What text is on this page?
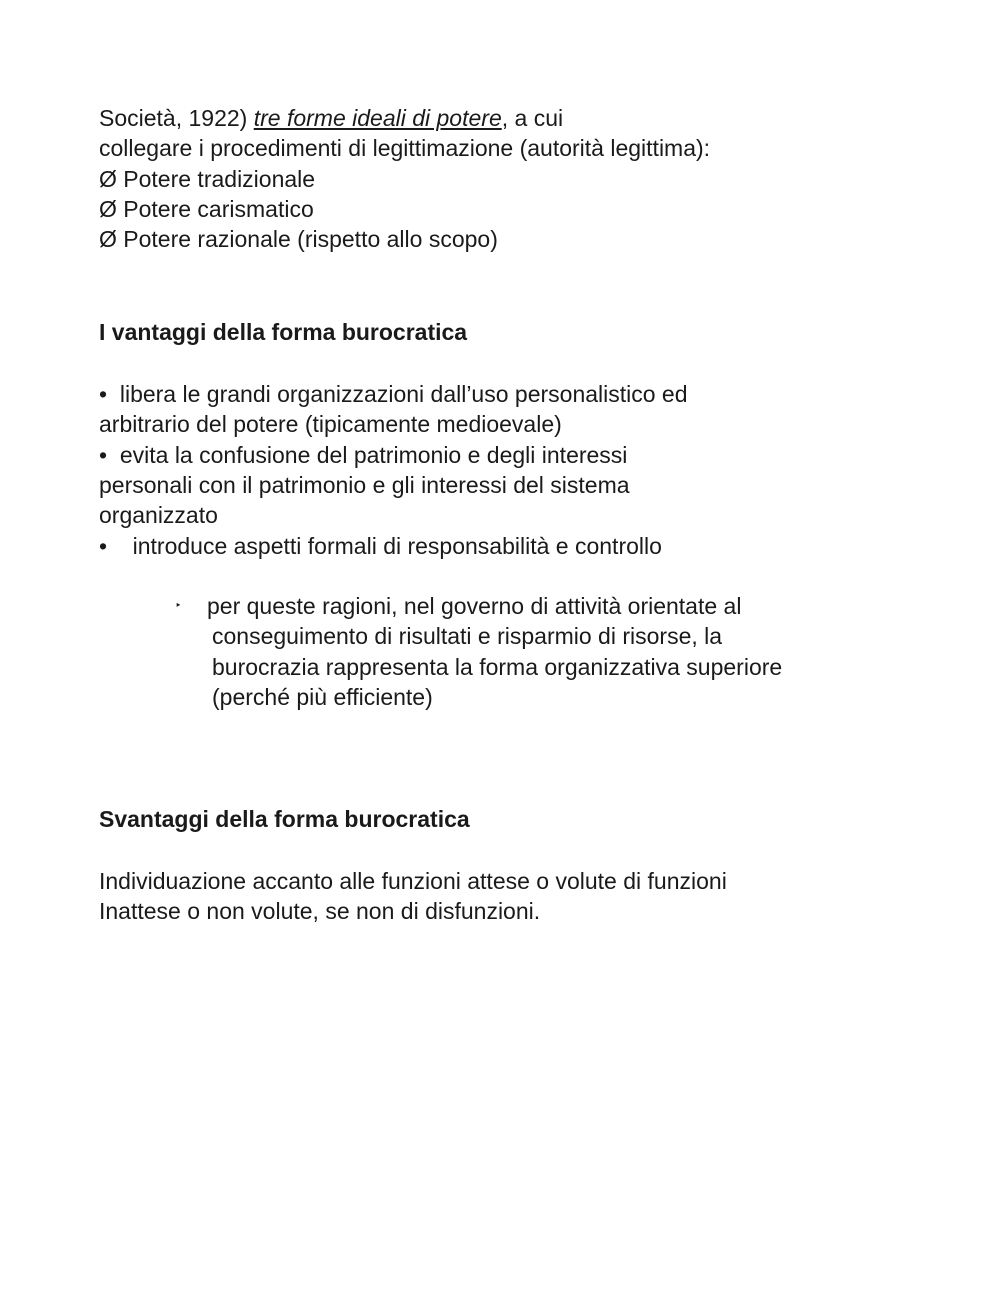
Società, 1922) tre forme ideali di potere, a cui
collegare i procedimenti di legittimazione (autorità legittima):
Ø Potere tradizionale
Ø Potere carismatico
Ø Potere razionale (rispetto allo scopo)
I vantaggi della forma burocratica
• libera le grandi organizzazioni dall’uso personalistico ed
arbitrario del potere (tipicamente medioevale)
• evita la confusione del patrimonio e degli interessi
personali con il patrimonio e gli interessi del sistema
organizzato
• introduce aspetti formali di responsabilità e controllo
‣ per queste ragioni, nel governo di attività orientate al
conseguimento di risultati e risparmio di risorse, la
burocrazia rappresenta la forma organizzativa superiore
(perché più efficiente)
Svantaggi della forma burocratica
Individuazione accanto alle funzioni attese o volute di funzioni
Inattese o non volute, se non di disfunzioni.
